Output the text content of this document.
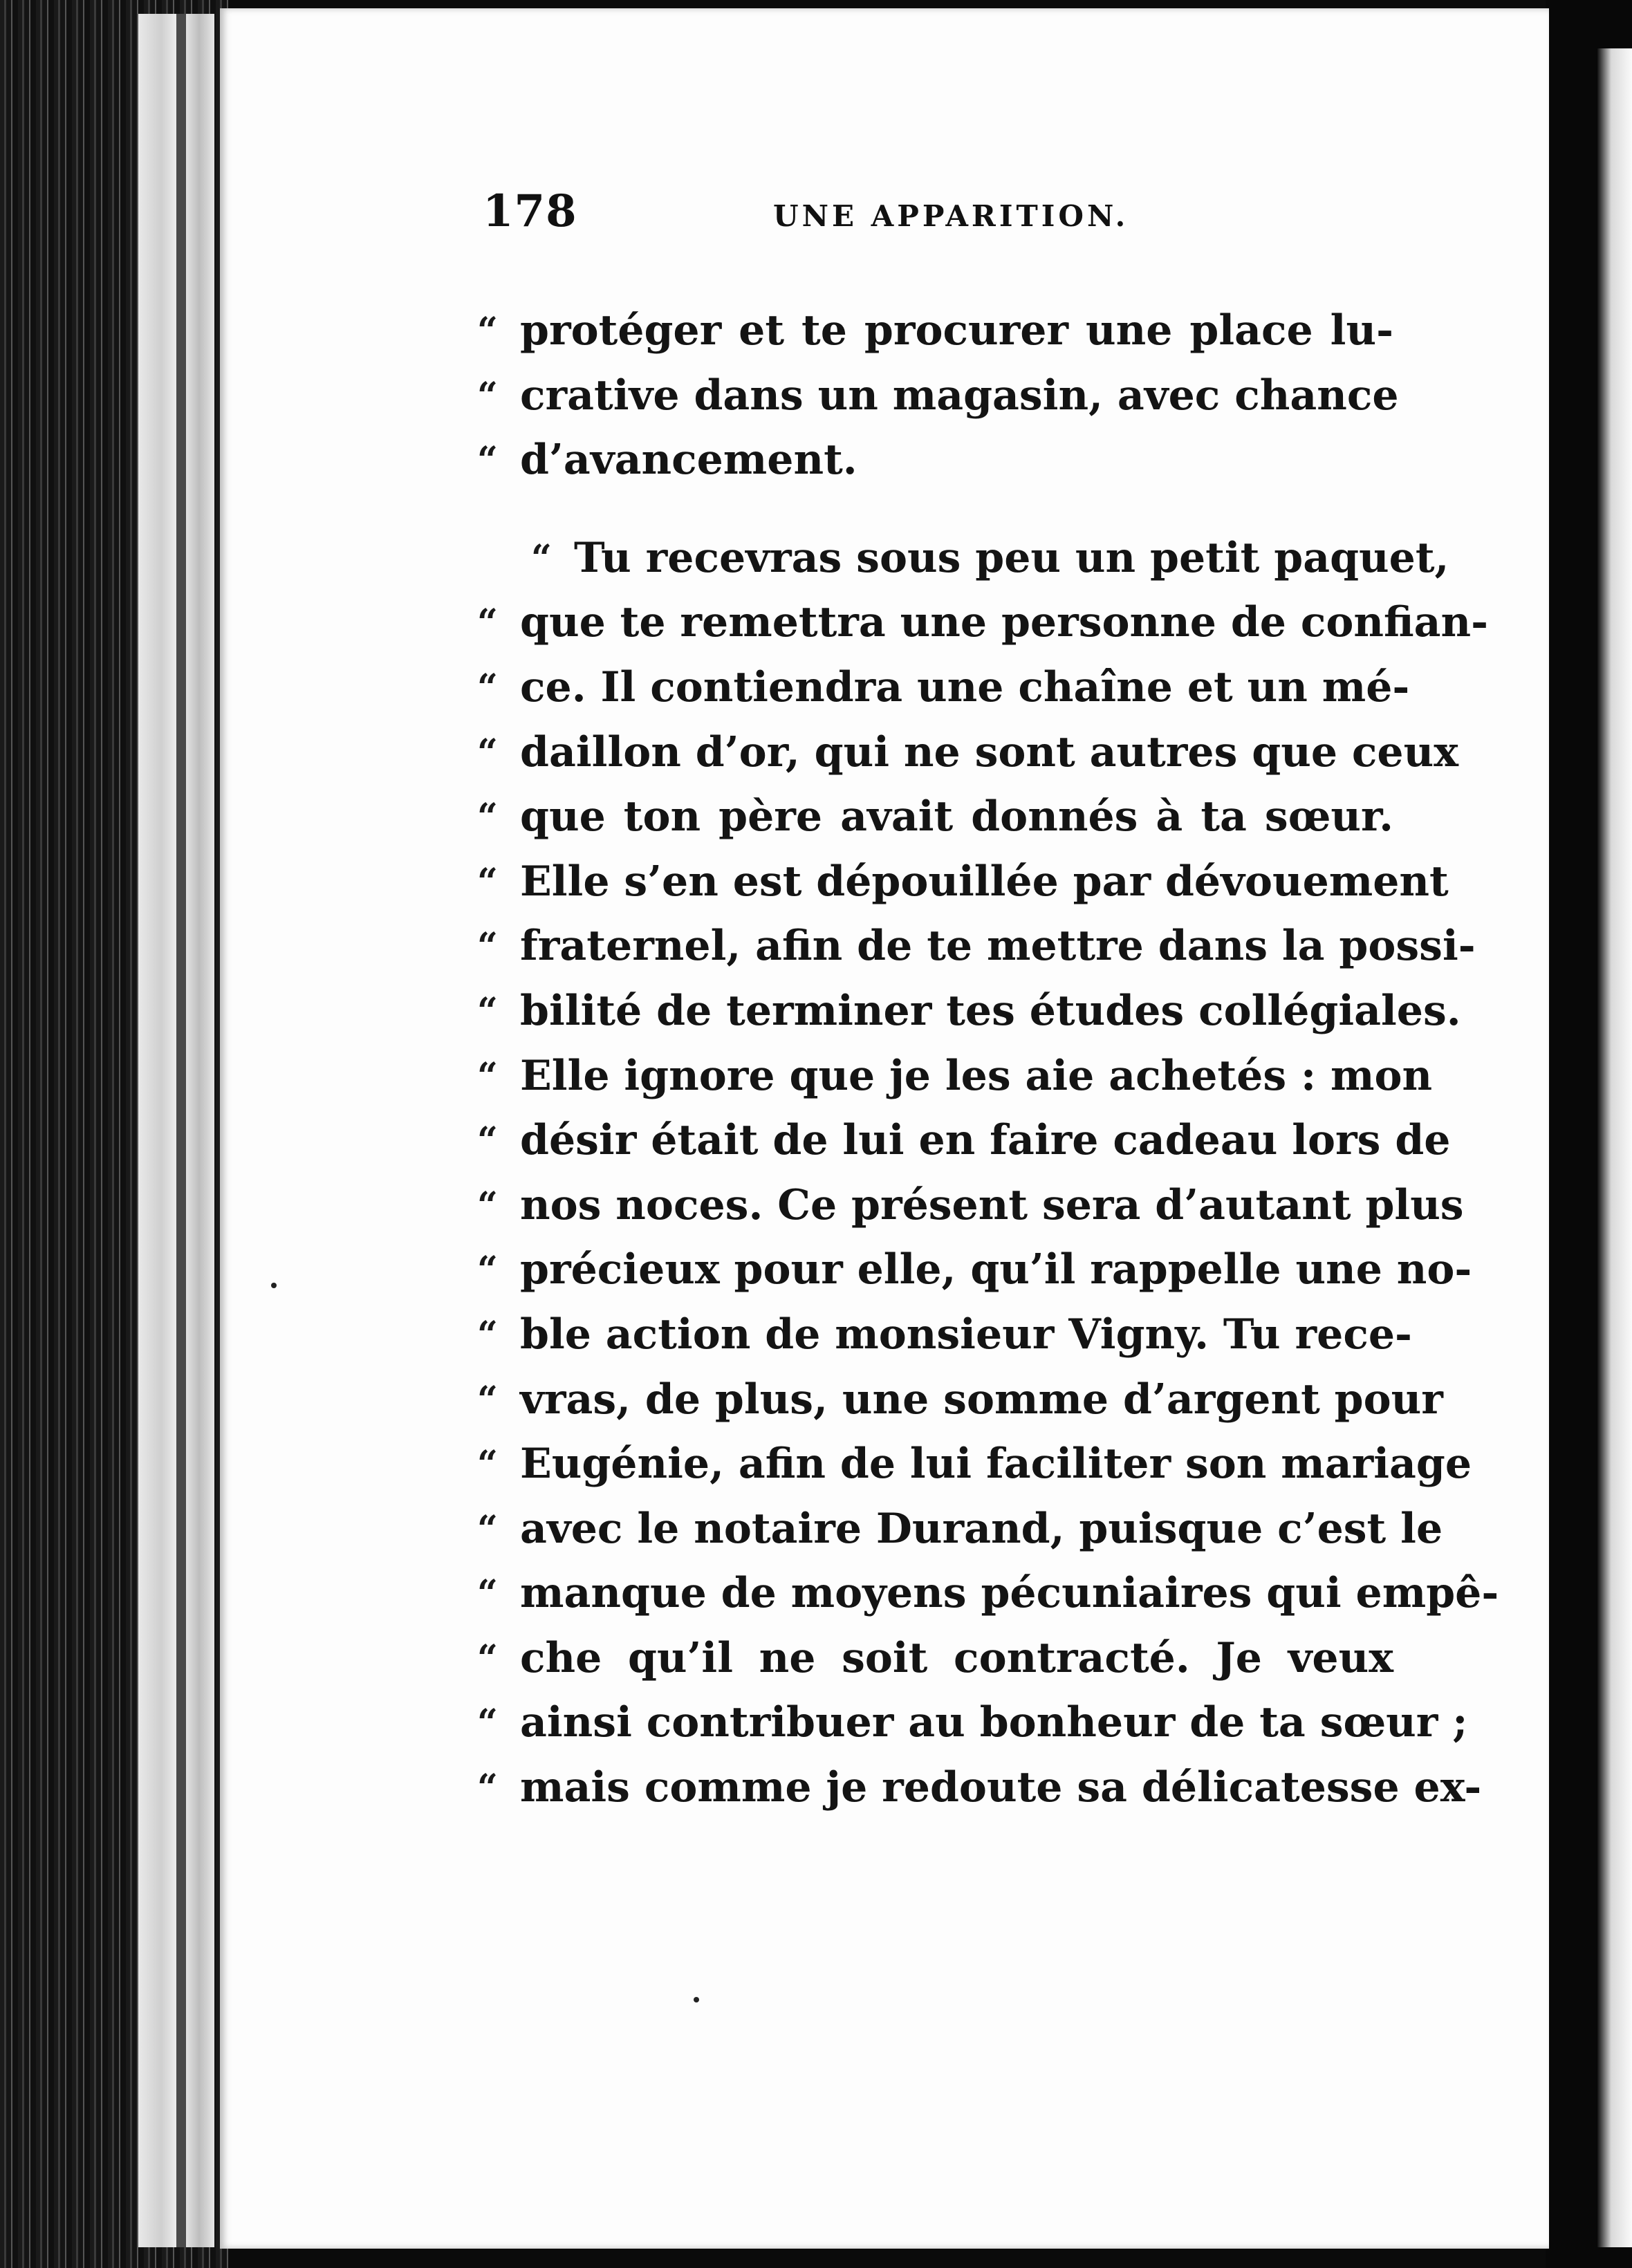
178	UNE APPARITION.
“ protéger et te procurer une place lu-
“ crative dans un magasin, avec chance
“ d’avancement.
“ Tu recevras sous peu un petit paquet,
“ que te remettra une personne de confian-
“ ce. Il contiendra une chaîne et un mé-
“ daillon d’or, qui ne sont autres que ceux
“ que ton père avait donnés à ta sœur.
“ Elle s’en est dépouillée par dévouement
“ fraternel, afin de te mettre dans la possi-
“ bilité de terminer tes études collégiales.
“ Elle ignore que je les aie achetés : mon
“ désir était de lui en faire cadeau lors de
“ nos noces. Ce présent sera d’autant plus
“ précieux pour elle, qu’il rappelle une no-
“ ble action de monsieur Vigny. Tu rece-
“ vras, de plus, une somme d’argent pour
“ Eugénie, afin de lui faciliter son mariage
“ avec le notaire Durand, puisque c’est le
“ manque de moyens pécuniaires qui empê-
“ che qu’il ne soit contracté. Je veux
“ ainsi contribuer au bonheur de ta sœur ;
“ mais comme je redoute sa délicatesse ex-
